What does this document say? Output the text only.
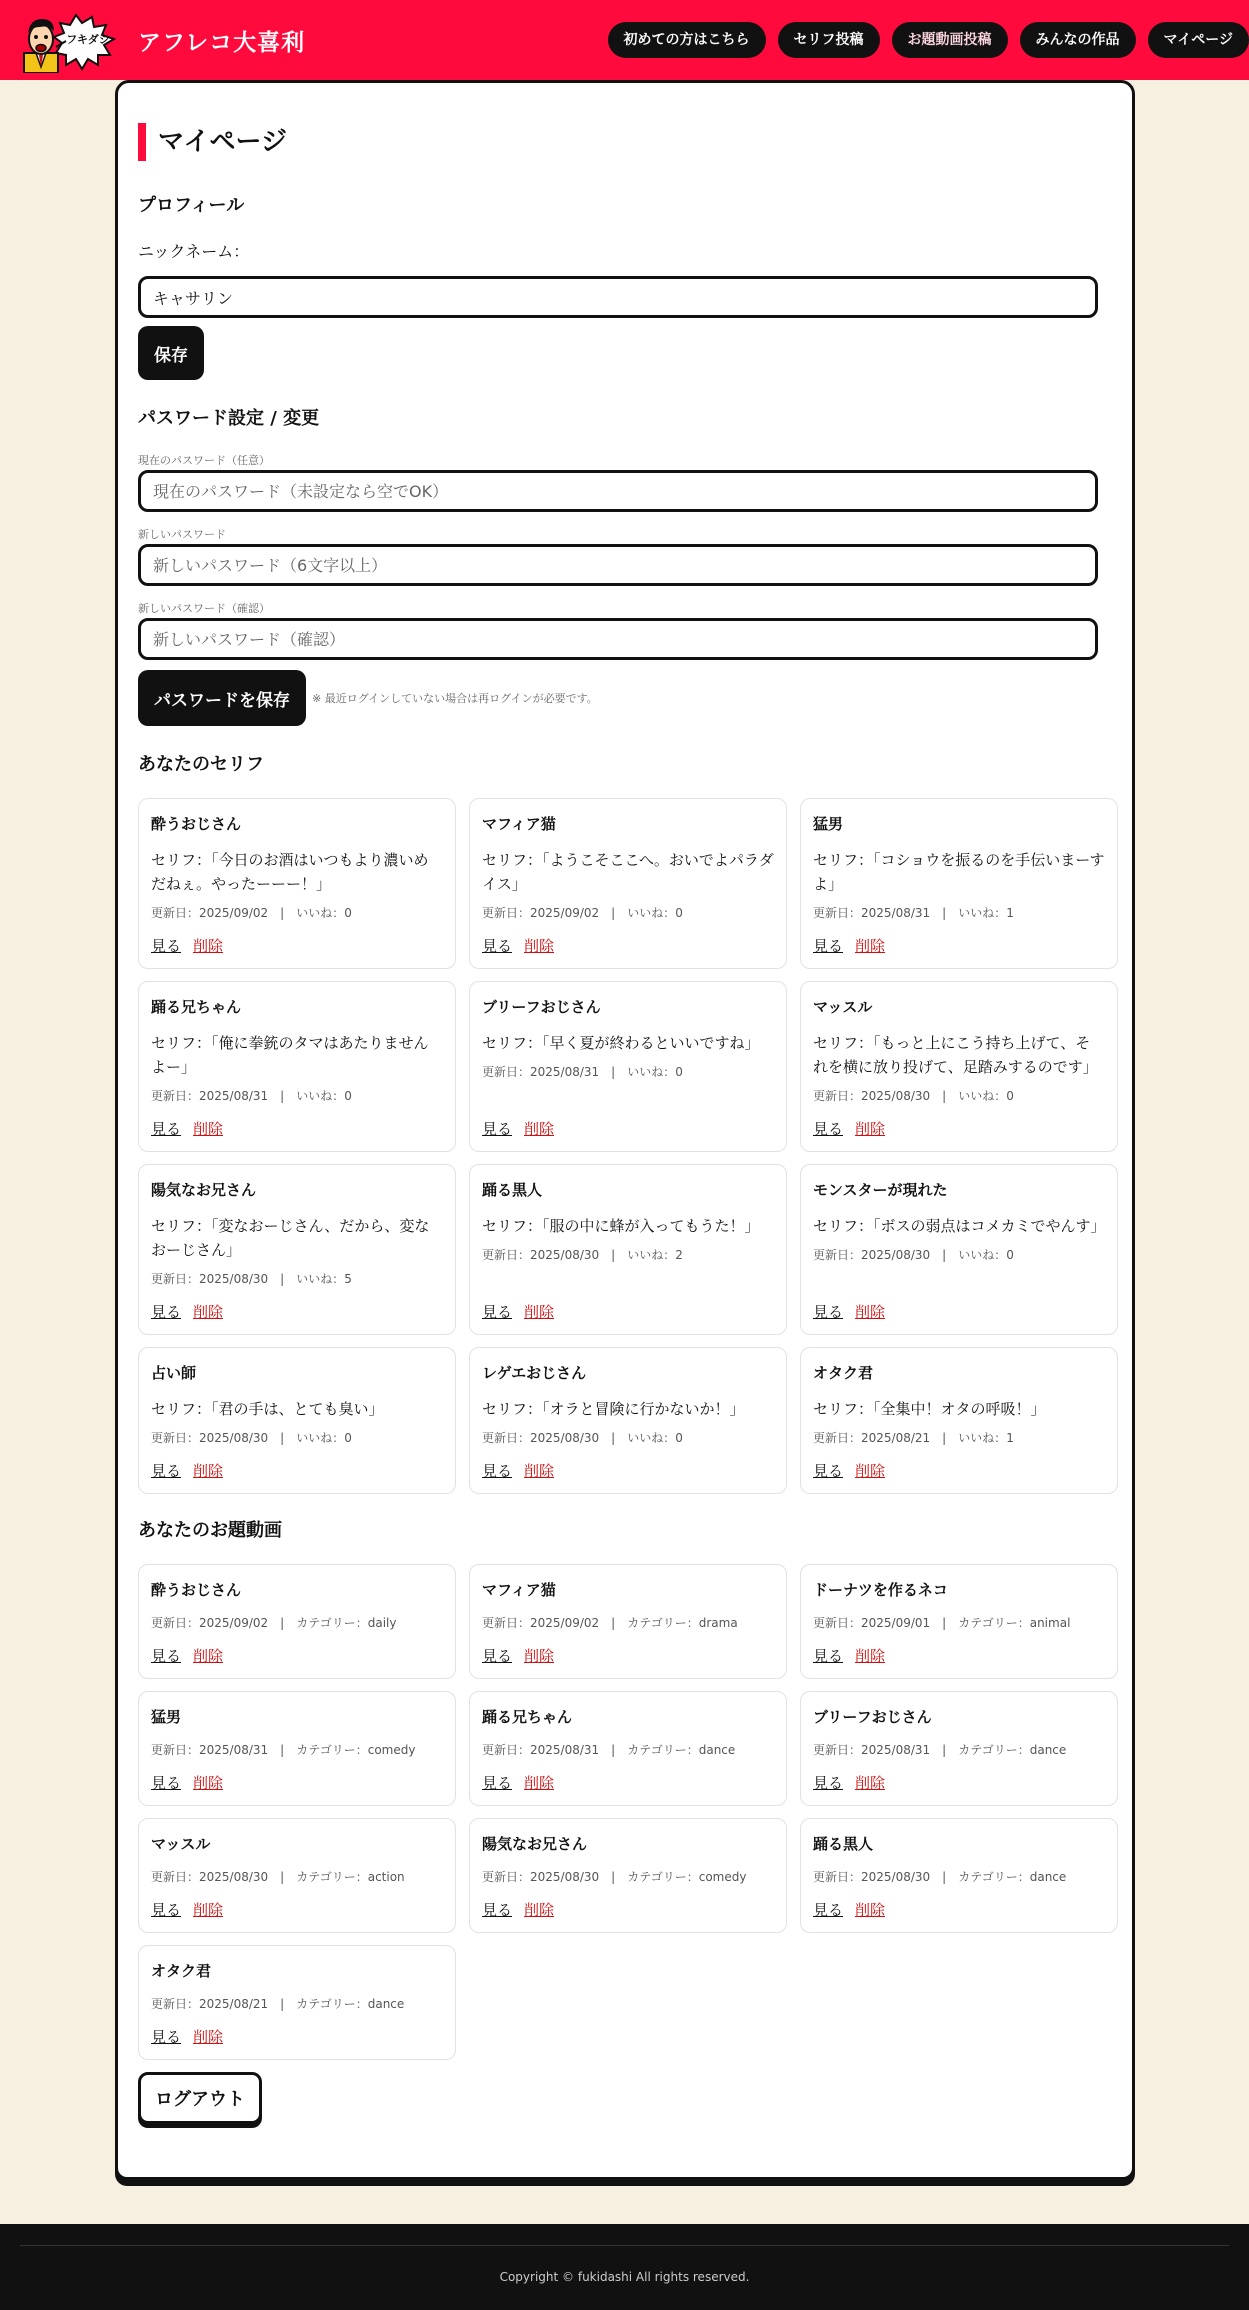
フキダシ アフレコ大喜利	初めての方はこちら	セリフ投稿	お題動画投稿	みんなの作品	マイページ
マイページ
プロフィール
ニックネーム：
キャサリン 保存
パスワード設定 / 変更
現在のパスワード（任意）
新しいパスワード
新しいパスワード（確認）
パスワードを保存	※ 最近ログインしていない場合は再ログインが必要です。
あなたのセリフ
酔うおじさん
セリフ：「今日のお酒はいつもより濃いめだねぇ。やったーーー！」
更新日：2025/09/02　|　いいね：0
見る 削除
マフィア猫
セリフ：「ようこそここへ。おいでよパラダイス」
更新日：2025/09/02　|　いいね：0
見る 削除
猛男
セリフ：「コショウを振るのを手伝いまーすよ」
更新日：2025/08/31　|　いいね：1
見る 削除
踊る兄ちゃん
セリフ：「俺に拳銃のタマはあたりませんよー」
更新日：2025/08/31　|　いいね：0
見る 削除
ブリーフおじさん
セリフ：「早く夏が終わるといいですね」
更新日：2025/08/31　|　いいね：0
見る 削除
マッスル
セリフ：「もっと上にこう持ち上げて、それを横に放り投げて、足踏みするのです」
更新日：2025/08/30　|　いいね：0
見る 削除
陽気なお兄さん
セリフ：「変なおーじさん、だから、変なおーじさん」
更新日：2025/08/30　|　いいね：5
見る 削除
踊る黒人
セリフ：「服の中に蜂が入ってもうた！」
更新日：2025/08/30　|　いいね：2
見る 削除
モンスターが現れた
セリフ：「ボスの弱点はコメカミでやんす」
更新日：2025/08/30　|　いいね：0
見る 削除
占い師
セリフ：「君の手は、とても臭い」
更新日：2025/08/30　|　いいね：0
見る 削除
レゲエおじさん
セリフ：「オラと冒険に行かないか！」
更新日：2025/08/30　|　いいね：0
見る 削除
オタク君
セリフ：「全集中！オタの呼吸！」
更新日：2025/08/21　|　いいね：1
見る 削除
あなたのお題動画
酔うおじさん
更新日：2025/09/02　|　カテゴリー：daily
見る 削除
マフィア猫
更新日：2025/09/02　|　カテゴリー：drama
見る 削除
ドーナツを作るネコ
更新日：2025/09/01　|　カテゴリー：animal
見る 削除
猛男
更新日：2025/08/31　|　カテゴリー：comedy
見る 削除
踊る兄ちゃん
更新日：2025/08/31　|　カテゴリー：dance
見る 削除
ブリーフおじさん
更新日：2025/08/31　|　カテゴリー：dance
見る 削除
マッスル
更新日：2025/08/30　|　カテゴリー：action
見る 削除
陽気なお兄さん
更新日：2025/08/30　|　カテゴリー：comedy
見る 削除
踊る黒人
更新日：2025/08/30　|　カテゴリー：dance
見る 削除
オタク君
更新日：2025/08/21　|　カテゴリー：dance
見る 削除
ログアウト
Copyright © fukidashi All rights reserved.
